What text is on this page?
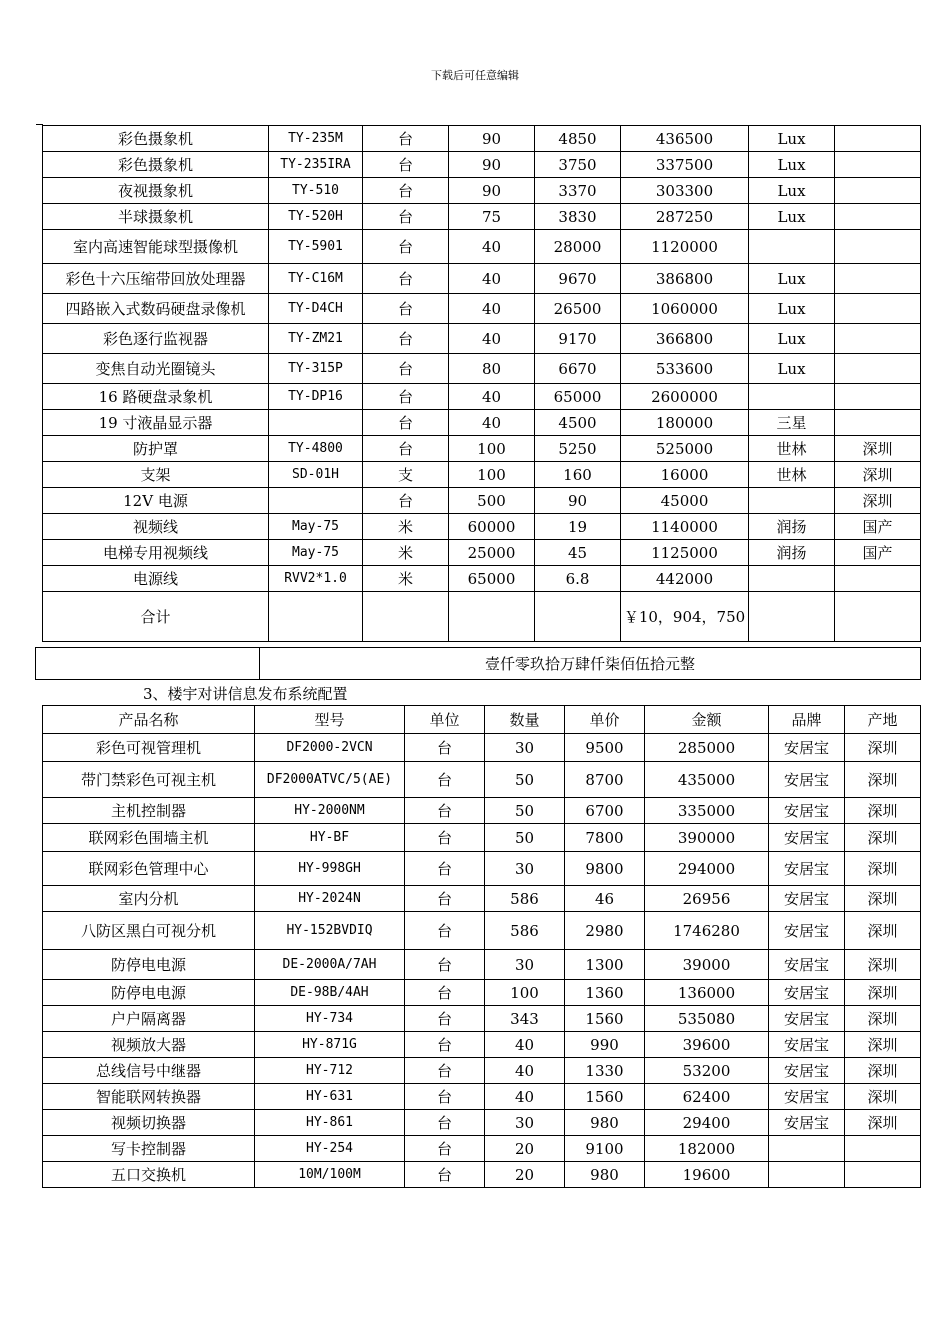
下载后可任意编辑
彩色摄象机	TY-235M	台	90	4850	436500	Lux	
彩色摄象机	TY-235IRA	台	90	3750	337500	Lux	
夜视摄象机	TY-510	台	90	3370	303300	Lux	
半球摄象机	TY-520H	台	75	3830	287250	Lux	
室内高速智能球型摄像机	TY-5901	台	40	28000	1120000		
彩色十六压缩带回放处理器	TY-C16M	台	40	9670	386800	Lux	
四路嵌入式数码硬盘录像机	TY-D4CH	台	40	26500	1060000	Lux	
彩色逐行监视器	TY-ZM21	台	40	9170	366800	Lux	
变焦自动光圈镜头	TY-315P	台	80	6670	533600	Lux	
16 路硬盘录象机	TY-DP16	台	40	65000	2600000		
19 寸液晶显示器		台	40	4500	180000	三星	
防护罩	TY-4800	台	100	5250	525000	世林	深圳
支架	SD-01H	支	100	160	16000	世林	深圳
12V 电源		台	500	90	45000		深圳
视频线	May-75	米	60000	19	1140000	润扬	国产
电梯专用视频线	May-75	米	25000	45	1125000	润扬	国产
电源线	RVV2*1.0	米	65000	6.8	442000		
合计					￥10，904，750		
	壹仟零玖拾万肆仟柒佰伍拾元整
3、楼宇对讲信息发布系统配置
产品名称	型号	单位	数量	单价	金额	品牌	产地
彩色可视管理机	DF2000-2VCN	台	30	9500	285000	安居宝	深圳
带门禁彩色可视主机	DF2000ATVC/5(AE)	台	50	8700	435000	安居宝	深圳
主机控制器	HY-2000NM	台	50	6700	335000	安居宝	深圳
联网彩色围墙主机	HY-BF	台	50	7800	390000	安居宝	深圳
联网彩色管理中心	HY-998GH	台	30	9800	294000	安居宝	深圳
室内分机	HY-2024N	台	586	46	26956	安居宝	深圳
八防区黑白可视分机	HY-152BVDIQ	台	586	2980	1746280	安居宝	深圳
防停电电源	DE-2000A/7AH	台	30	1300	39000	安居宝	深圳
防停电电源	DE-98B/4AH	台	100	1360	136000	安居宝	深圳
户户隔离器	HY-734	台	343	1560	535080	安居宝	深圳
视频放大器	HY-871G	台	40	990	39600	安居宝	深圳
总线信号中继器	HY-712	台	40	1330	53200	安居宝	深圳
智能联网转换器	HY-631	台	40	1560	62400	安居宝	深圳
视频切换器	HY-861	台	30	980	29400	安居宝	深圳
写卡控制器	HY-254	台	20	9100	182000		
五口交换机	10M/100M	台	20	980	19600		
